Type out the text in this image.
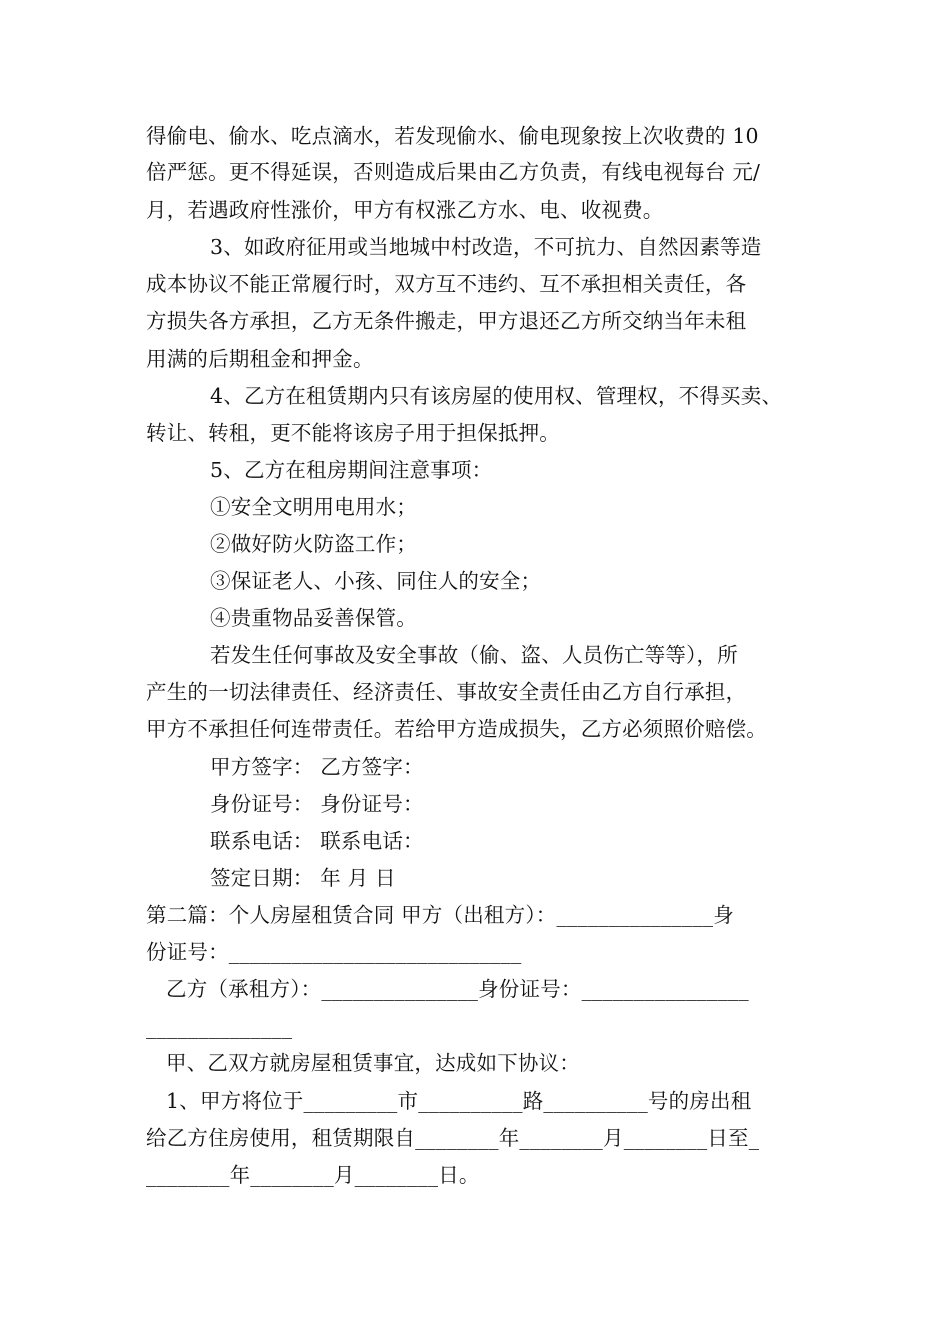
得偷电、偷水、吃点滴水，若发现偷水、偷电现象按上次收费的 10
倍严惩。更不得延误，否则造成后果由乙方负责，有线电视每台 元/
月，若遇政府性涨价，甲方有权涨乙方水、电、收视费。
3、如政府征用或当地城中村改造，不可抗力、自然因素等造
成本协议不能正常履行时，双方互不违约、互不承担相关责任，各
方损失各方承担，乙方无条件搬走，甲方退还乙方所交纳当年未租
用满的后期租金和押金。
4、乙方在租赁期内只有该房屋的使用权、管理权，不得买卖、
转让、转租，更不能将该房子用于担保抵押。
5、乙方在租房期间注意事项：
①安全文明用电用水；
②做好防火防盗工作；
③保证老人、小孩、同住人的安全；
④贵重物品妥善保管。
若发生任何事故及安全事故（偷、盗、人员伤亡等等），所
产生的一切法律责任、经济责任、事故安全责任由乙方自行承担，
甲方不承担任何连带责任。若给甲方造成损失，乙方必须照价赔偿。
甲方签字： 乙方签字：
身份证号： 身份证号：
联系电话： 联系电话：
签定日期： 年 月 日
第二篇：个人房屋租赁合同 甲方（出租方）：_______________身
份证号：____________________________
乙方（承租方）：_______________身份证号：________________
______________
甲、乙双方就房屋租赁事宜，达成如下协议：
1、甲方将位于_________市__________路__________号的房出租
给乙方住房使用，租赁期限自________年________月________日至_
________年________月________日。
